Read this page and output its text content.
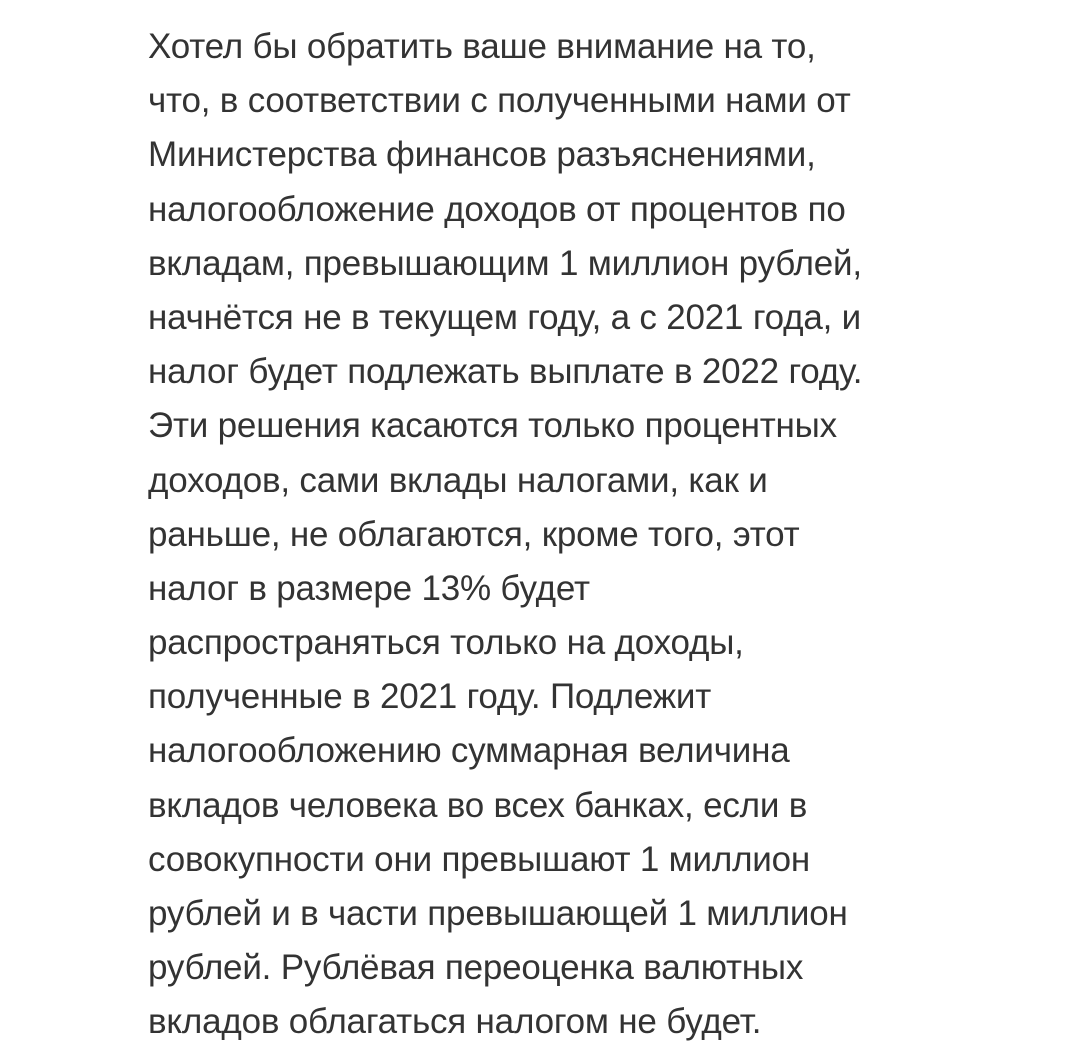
Хотел бы обратить ваше внимание на то,
что, в соответствии с полученными нами от
Министерства финансов разъяснениями,
налогообложение доходов от процентов по
вкладам, превышающим 1 миллион рублей,
начнётся не в текущем году, а с 2021 года, и
налог будет подлежать выплате в 2022 году.
Эти решения касаются только процентных
доходов, сами вклады налогами, как и
раньше, не облагаются, кроме того, этот
налог в размере 13% будет
распространяться только на доходы,
полученные в 2021 году. Подлежит
налогообложению суммарная величина
вкладов человека во всех банках, если в
совокупности они превышают 1 миллион
рублей и в части превышающей 1 миллион
рублей. Рублёвая переоценка валютных
вкладов облагаться налогом не будет.
